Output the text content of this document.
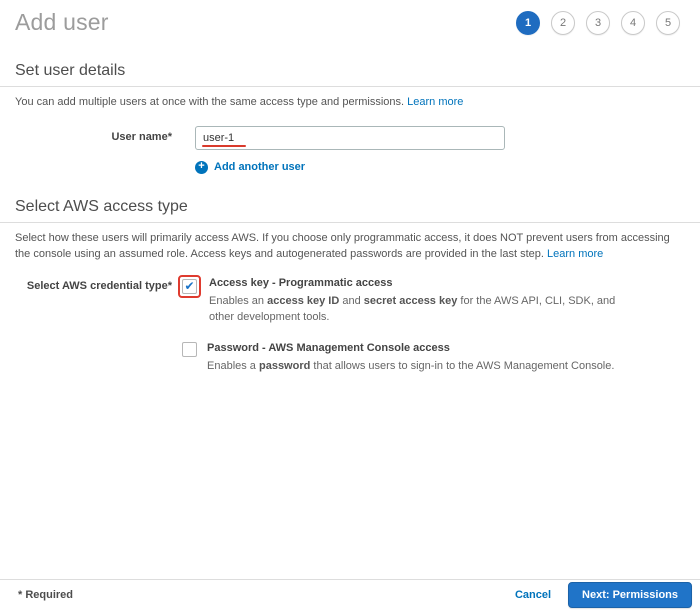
Add user	1	2	3	4	5
Set user details
You can add multiple users at once with the same access type and permissions. Learn more
User name*
user-1
+ Add another user
Select AWS access type
Select how these users will primarily access AWS. If you choose only programmatic access, it does NOT prevent users from accessing the console using an assumed role. Access keys and autogenerated passwords are provided in the last step. Learn more
Select AWS credential type* ✔ Access key - Programmatic access
Enables an access key ID and secret access key for the AWS API, CLI, SDK, and other development tools.
Password - AWS Management Console access
Enables a password that allows users to sign-in to the AWS Management Console.
* Required	Cancel	Next: Permissions
